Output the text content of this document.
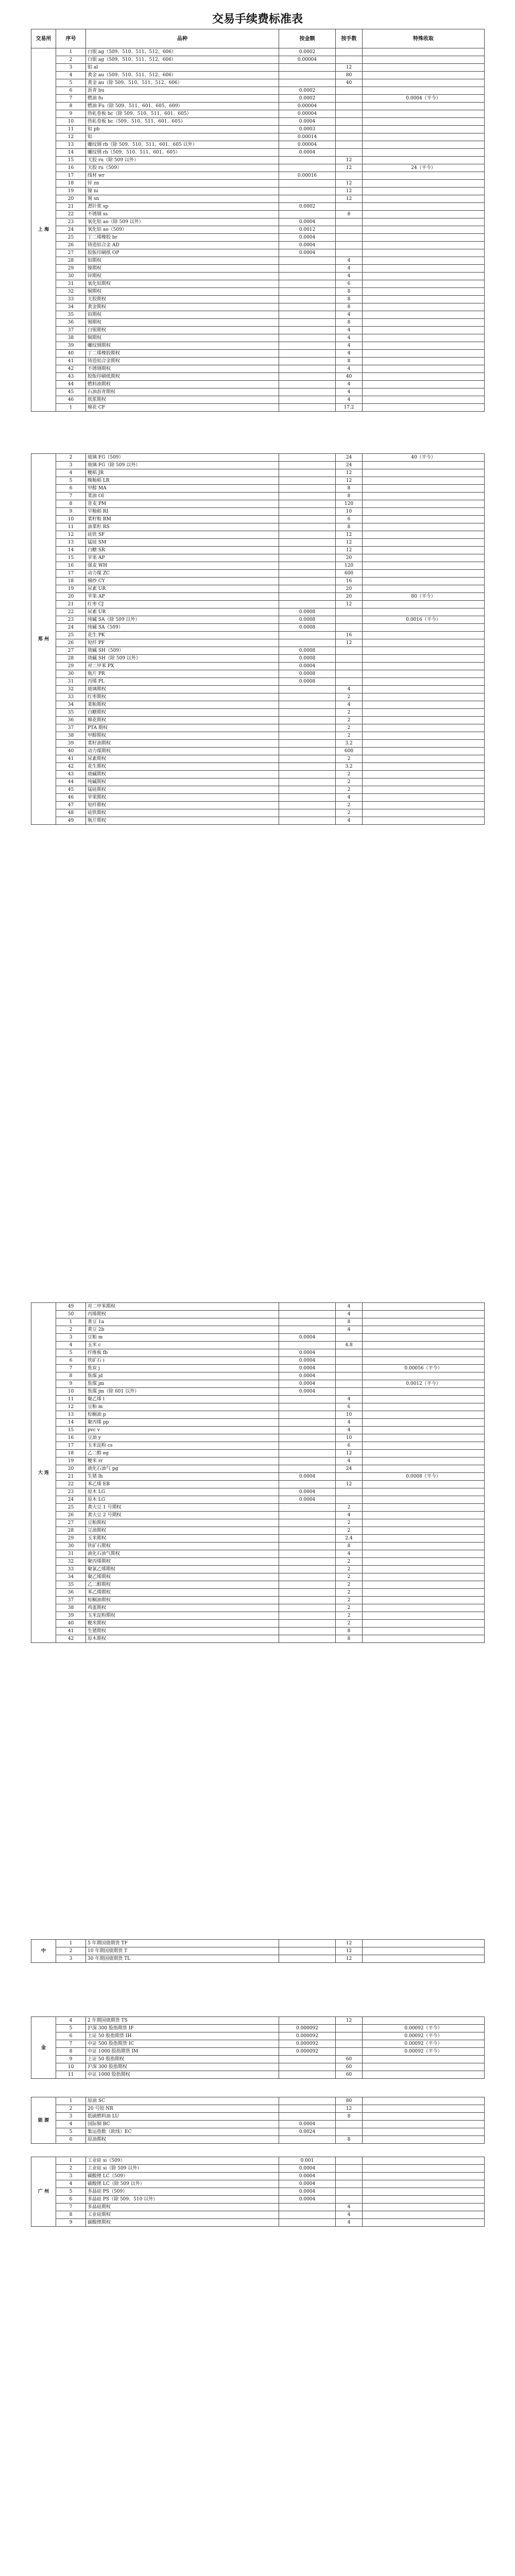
交易手续费标准表
交易所	序号	品种	按金额	按手数	特殊收取
上 海	1	白银 ag（509、510、511、512、606）	0.0002		
	2	白银 ag（509、510、511、512、606）	0.00004		
	3	铝 al		12	
	4	黄金 au（509、510、511、512、606）		80	
	5	黄金 au（除 509、510、511、512、606）		40	
	6	沥青 bu	0.0002		
	7	燃油 fu	0.0002		0.0004（平今）
	8	燃油 Fu（除 509、511、601、605、609）	0.00004		
	9	热轧卷板 hc（除 509、510、511、601、605）	0.00004		
	10	热轧卷板 hc（509、510、511、601、605）	0.0004		
	11	铝 pb	0.0003		
	12	铝	0.00014		
	13	螺纹钢 rb（除 509、510、511、601、605 以外）	0.00004		
	14	螺纹钢 rb（509、510、511、601、605）	0.0004		
	15	天胶 ru（除 509 以外）		12	
	16	天胶 ru（509）		12	24（平今）
	17	线材 wr	0.00016		
	18	锌 zn		12	
	19	镍 ni		12	
	20	锡 sn		12	
	21	漂针浆 sp	0.0002		
	22	不锈钢 ss		8	
	23	氧化铝 ao（除 509 以外）	0.0004		
	24	氧化铝 ao（509）	0.0012		
	25	丁二烯橡胶 br	0.0004		
	26	铸造铝合金 AD	0.0004		
	27	胶版印刷纸 OP	0.0004		
	28	铝期权		4	
	29	镍期权		4	
	30	锌期权		4	
	31	氧化铝期权		6	
	32	铜期权		8	
	33	天胶期权		8	
	34	黄金期权		8	
	35	铅期权		4	
	36	锡期权		8	
	37	白银期权		4	
	38	铜期权		4	
	39	螺纹钢期权		4	
	40	丁二烯橡胶期权		4	
	41	铸造铝合金期权		8	
	42	不锈钢期权		4	
	43	胶版印刷纸期权		40	
	44	燃料油期权		4	
	45	石油沥青期权		4	
	46	纸浆期权		4	
	1	棉花 CF		17.2	
郑 州	2	玻璃 FG（509）		24	40（平今）
	3	玻璃 FG（除 509 以外）		24	
	4	粳稻 JR		12	
	5	晚籼稻 LR		12	
	6	甲醇 MA		8	
	7	菜油 OI		8	
	8	普麦 PM		120	
	9	早籼稻 RI		10	
	10	菜籽粕 RM		6	
	11	油菜籽 RS		8	
	12	硅铁 SF		12	
	13	锰硅 SM		12	
	14	白糖 SR		12	
	15	苹果 AP		20	
	16	强麦 WH		120	
	17	动力煤 ZC		600	
	18	棉纱 CY		16	
	19	尿素 UR		20	
	20	苹果 AP		20	80（平今）
	21	红枣 CJ		12	
	22	尿素 UR	0.0008		
	23	纯碱 SA（除 509 以外）	0.0008		0.0016（平今）
	24	纯碱 SA（509）	0.0008		
	25	花生 PK		16	
	26	短纤 PF		12	
	27	烧碱 SH（509）	0.0008		
	28	烧碱 SH（除 509 以外）	0.0008		
	29	对二甲苯 PX	0.0004		
	30	瓶片 PR	0.0008		
	31	丙烯 PL	0.0008		
	32	玻璃期权		4	
	33	红枣期权		2	
	34	菜粕期权		4	
	35	白糖期权		2	
	36	棉花期权		2	
	37	PTA 期权		2	
	38	甲醇期权		2	
	39	菜籽油期权		3.2	
	40	动力煤期权		600	
	41	尿素期权		2	
	42	花生期权		3.2	
	43	烧碱期权		2	
	44	纯碱期权		2	
	45	锰硅期权		2	
	46	苹果期权		4	
	47	短纤期权		2	
	48	硅铁期权		2	
	49	瓶片期权		4	
大 连	49	对二甲苯期权		4	
	50	丙烯期权		4	
	1	黄豆 1a		8	
	2	黄豆 2b		4	
	3	豆粕 m	0.0004		
	4	玉米 c		4.8	
	5	纤维板 fb	0.0004		
	6	铁矿石 i	0.0004		
	7	焦炭 j	0.0004		0.00056（平今）
	8	焦煤 jd	0.0004		
	9	焦煤 jm	0.0004		0.0012（平今）
	10	焦煤 jm（除 601 以外）	0.0004		
	11	聚乙烯 l		4	
	12	豆粕 m		6	
	13	棕榈油 p		10	
	14	聚丙烯 pp		4	
	15	pvc v		4	
	16	豆油 y		10	
	17	玉米淀粉 cs		6	
	18	乙二醇 eg		12	
	19	粳米 rr		4	
	20	液化石油气 pg		24	
	21	生猪 lh	0.0004		0.0008（平今）
	22	苯乙烯 EB		12	
	23	原木 LG	0.0004		
	24	原木 LG	0.0004		
	25	黄大豆 1 号期权		2	
	26	黄大豆 2 号期权		4	
	27	豆粕期权		2	
	28	豆油期权		2	
	29	玉米期权		2.4	
	30	铁矿石期权		8	
	31	液化石油气期权		4	
	32	聚丙烯期权		2	
	33	聚氯乙烯期权		2	
	34	聚乙烯期权		2	
	35	乙二醇期权		2	
	36	苯乙烯期权		2	
	37	棕榈油期权		2	
	38	鸡蛋期权		2	
	39	玉米淀粉期权		2	
	40	粳米期权		2	
	41	生猪期权		8	
	42	原木期权		8	
中	1	5 年期国债期货 TF		12	
	2	10 年期国债期货 T		12	
	3	30 年期国债期货 TL		12	
金	4	2 年期国债期货 TS		12	
	5	沪深 300 股指期货 IF	0.000092		0.00092（平今）
	6	上证 50 股指期货 IH	0.000092		0.00092（平今）
	7	中证 500 股指期货 IC	0.000092		0.00092（平今）
	8	中证 1000 股指期货 IM	0.000092		0.00092（平今）
	9	上证 50 股指期权		60	
	10	沪深 300 股指期权		60	
	11	中证 1000 股指期权		60	
能 源	1	原油 SC		80	
	2	20 号胶 NR		12	
	3	低硫燃料油 LU		8	
	4	国际铜 BC	0.0004		
	5	集运指数（欧线）EC	0.0024		
	6	原油期权		8	
广 州	1	工业硅 si（509）	0.001		
	2	工业硅 si（除 509 以外）	0.0004		
	3	碳酸锂 LC（509）	0.0004		
	4	碳酸锂 LC（除 509 以外）	0.0004		
	5	多晶硅 PS（509）	0.0004		
	6	多晶硅 PS（除 509、510 以外）	0.0004		
	7	多晶硅期权		4	
	8	工业硅期权		4	
	9	碳酸锂期权		4	
